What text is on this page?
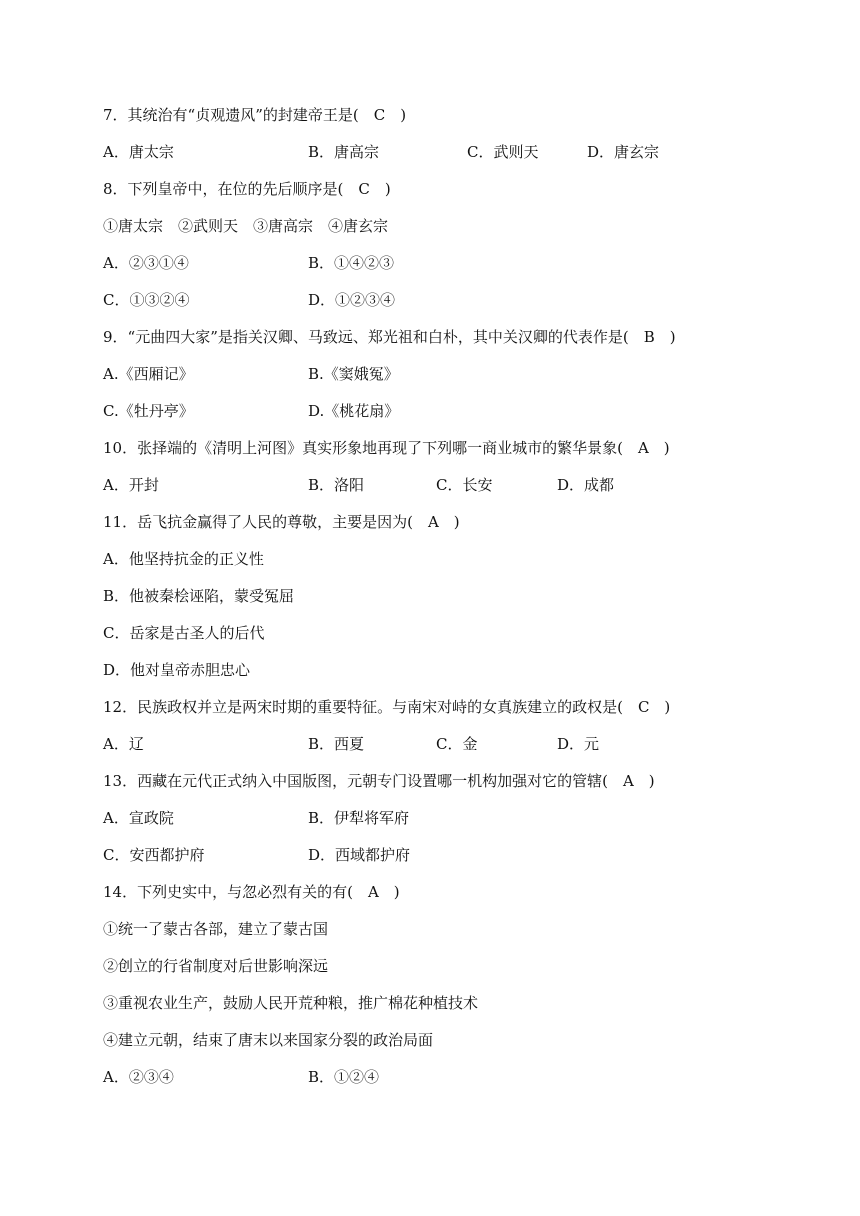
7．其统治有“贞观遗风”的封建帝王是(　C　)
A．唐太宗	B．唐高宗	C．武则天	D．唐玄宗
8．下列皇帝中，在位的先后顺序是(　C　)
①唐太宗　②武则天　③唐高宗　④唐玄宗
A．②③①④	B．①④②③
C．①③②④	D．①②③④
9．“元曲四大家”是指关汉卿、马致远、郑光祖和白朴，其中关汉卿的代表作是(　B　)
A.《西厢记》	B.《窦娥冤》
C.《牡丹亭》	D.《桃花扇》
10．张择端的《清明上河图》真实形象地再现了下列哪一商业城市的繁华景象(　A　)
A．开封	B．洛阳	C．长安	D．成都
11．岳飞抗金赢得了人民的尊敬，主要是因为(　A　)
A．他坚持抗金的正义性
B．他被秦桧诬陷，蒙受冤屈
C．岳家是古圣人的后代
D．他对皇帝赤胆忠心
12．民族政权并立是两宋时期的重要特征。与南宋对峙的女真族建立的政权是(　C　)
A．辽	B．西夏	C．金	D．元
13．西藏在元代正式纳入中国版图，元朝专门设置哪一机构加强对它的管辖(　A　)
A．宣政院	B．伊犁将军府
C．安西都护府	D．西域都护府
14．下列史实中，与忽必烈有关的有(　A　)
①统一了蒙古各部，建立了蒙古国
②创立的行省制度对后世影响深远
③重视农业生产，鼓励人民开荒种粮，推广棉花种植技术
④建立元朝，结束了唐末以来国家分裂的政治局面
A．②③④	B．①②④
